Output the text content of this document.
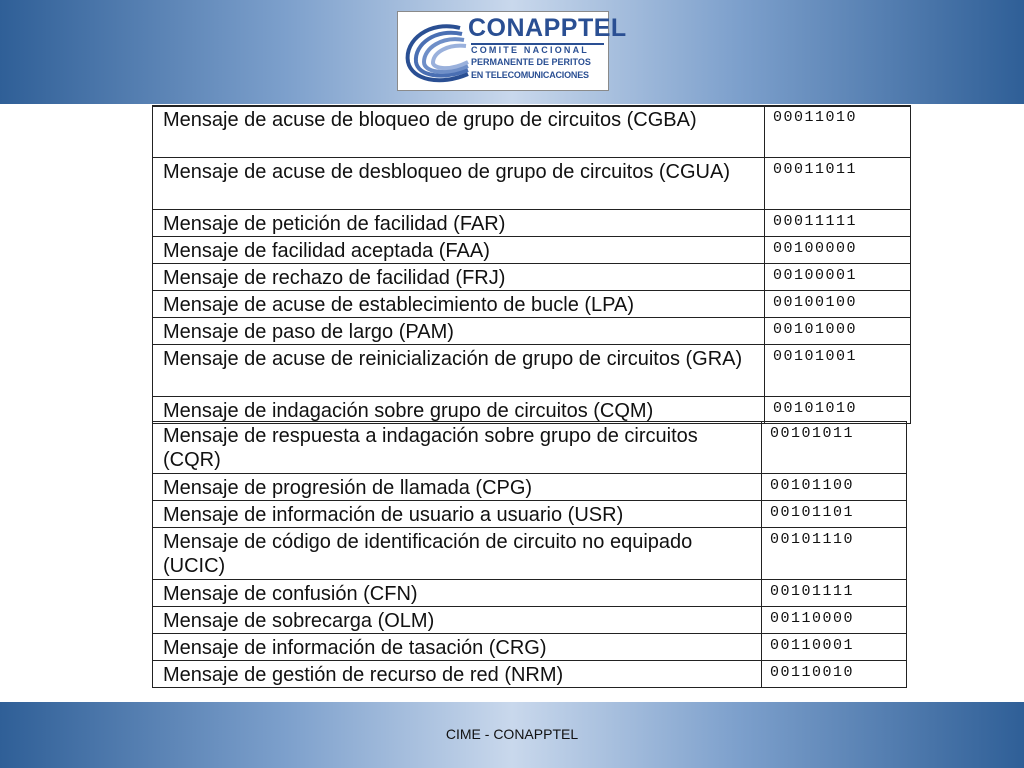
CONAPPTEL
COMITE NACIONAL
PERMANENTE DE PERITOS
EN TELECOMUNICACIONES
Mensaje de acuse de bloqueo de grupo de circuitos (CGBA)	00011010
Mensaje de acuse de desbloqueo de grupo de circuitos (CGUA)	00011011
Mensaje de petición de facilidad (FAR)	00011111
Mensaje de facilidad aceptada (FAA)	00100000
Mensaje de rechazo de facilidad (FRJ)	00100001
Mensaje de acuse de establecimiento de bucle (LPA)	00100100
Mensaje de paso de largo (PAM)	00101000
Mensaje de acuse de reinicialización de grupo de circuitos (GRA)	00101001
Mensaje de indagación sobre grupo de circuitos (CQM)	00101010
Mensaje de respuesta a indagación sobre grupo de circuitos (CQR)	00101011
Mensaje de progresión de llamada (CPG)	00101100
Mensaje de información de usuario a usuario (USR)	00101101
Mensaje de código de identificación de circuito no equipado (UCIC)	00101110
Mensaje de confusión (CFN)	00101111
Mensaje de sobrecarga (OLM)	00110000
Mensaje de información de tasación (CRG)	00110001
Mensaje de gestión de recurso de red (NRM)	00110010
CIME - CONAPPTEL
